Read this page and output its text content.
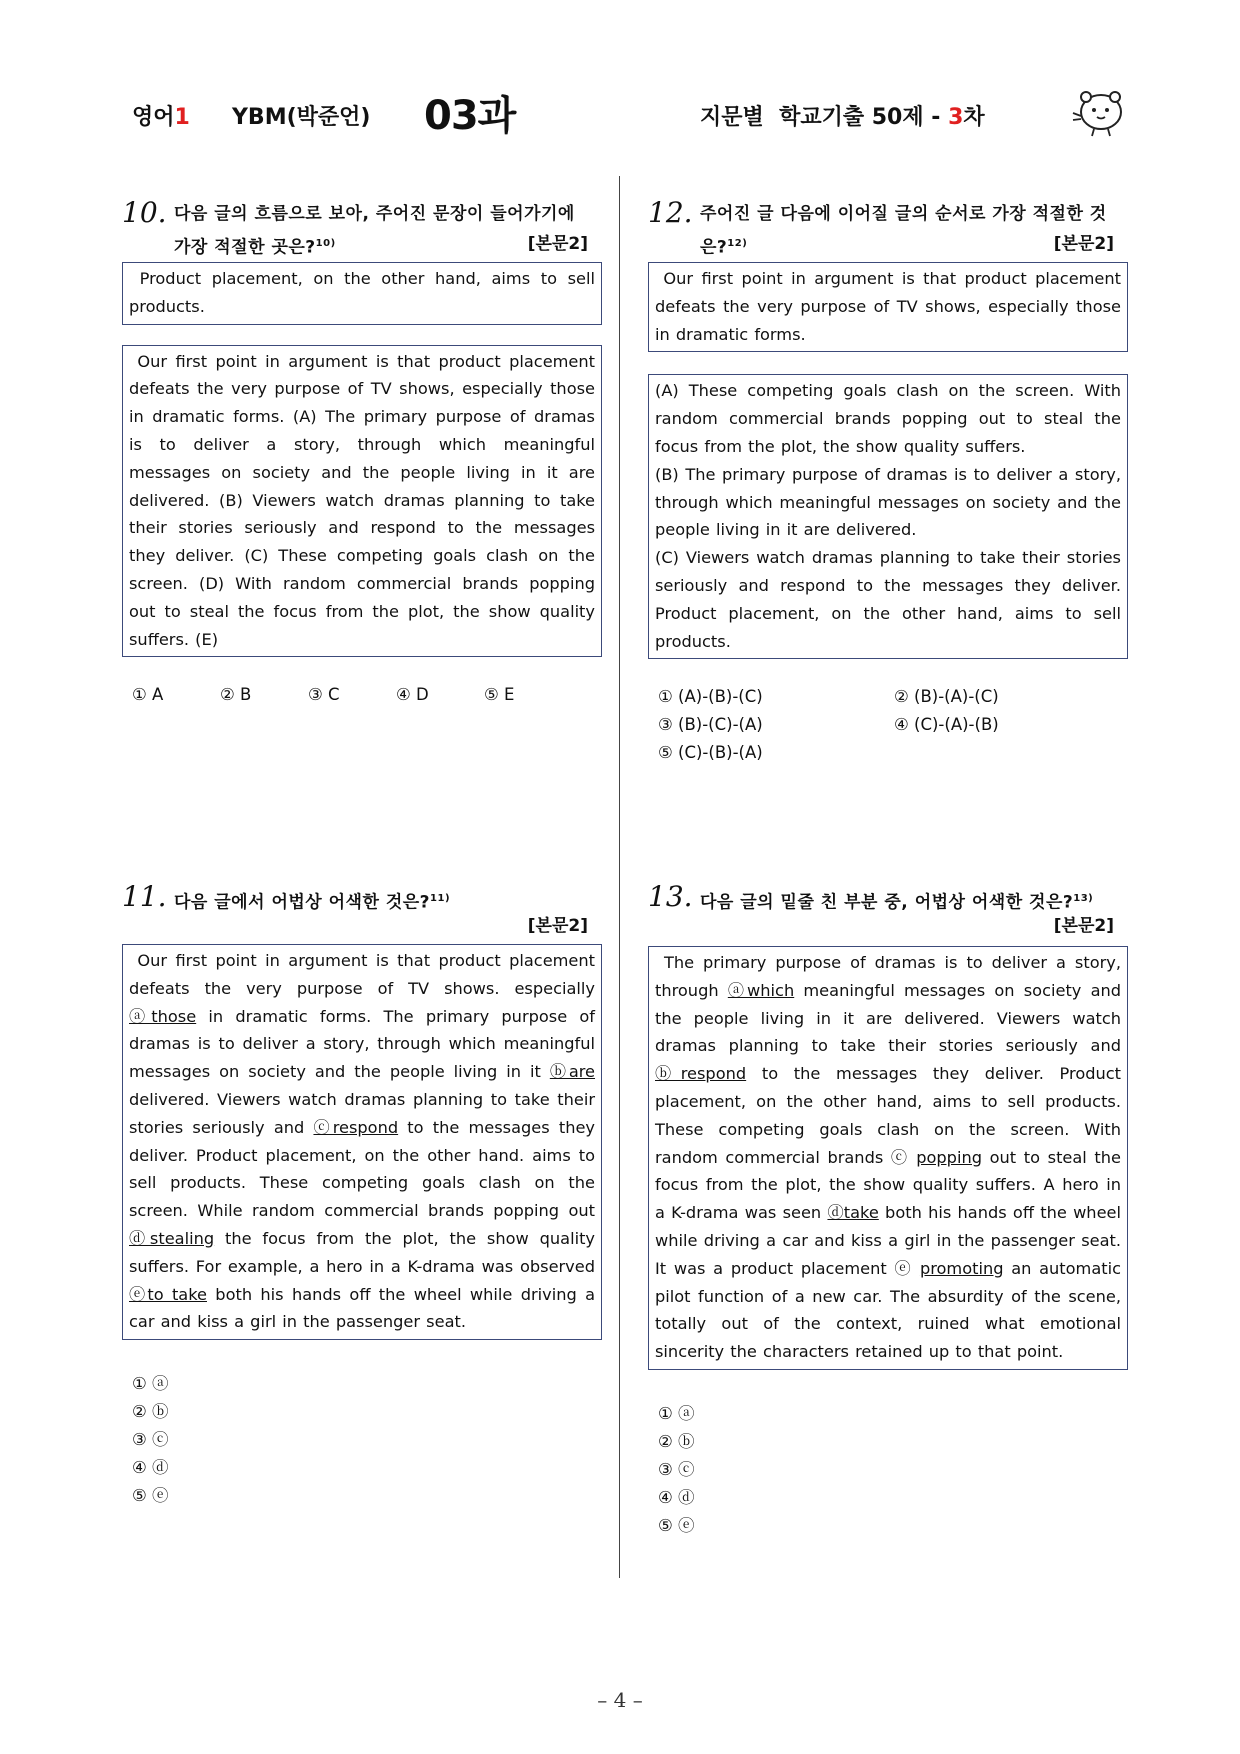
영어1 YBM(박준언) 03과	지문별  학교기출 50제 - 3차
10. 다음 글의 흐름으로 보아, 주어진 문장이 들어가기에
가장 적절한 곳은?$^{10)}$	[본문2]
Product placement, on the other hand, aims to sell products.
Our first point in argument is that product placement defeats the very purpose of TV shows, especially those in dramatic forms. (A) The primary purpose of dramas is to deliver a story, through which meaningful messages on society and the people living in it are delivered. (B) Viewers watch dramas planning to take their stories seriously and respond to the messages they deliver. (C) These competing goals clash on the screen. (D) With random commercial brands popping out to steal the focus from the plot, the show quality suffers. (E)
① A	② B	③ C	④ D	⑤ E
11. 다음 글에서 어법상 어색한 것은?$^{11)}$
[본문2]
Our first point in argument is that product placement defeats the very purpose of TV shows. especially ⓐthose in dramatic forms. The primary purpose of dramas is to deliver a story, through which meaningful messages on society and the people living in it ⓑare delivered. Viewers watch dramas planning to take their stories seriously and ⓒrespond to the messages they deliver. Product placement, on the other hand. aims to sell products. These competing goals clash on the screen. While random commercial brands popping out ⓓstealing the focus from the plot, the show quality suffers. For example, a hero in a K-drama was observed ⓔto take both his hands off the wheel while driving a car and kiss a girl in the passenger seat.
① ⓐ
② ⓑ
③ ⓒ
④ ⓓ
⑤ ⓔ
12. 주어진 글 다음에 이어질 글의 순서로 가장 적절한 것
은?$^{12)}$	[본문2]
Our first point in argument is that product placement defeats the very purpose of TV shows, especially those in dramatic forms.
(A) These competing goals clash on the screen. With random commercial brands popping out to steal the focus from the plot, the show quality suffers.
(B) The primary purpose of dramas is to deliver a story, through which meaningful messages on society and the people living in it are delivered.
(C) Viewers watch dramas planning to take their stories seriously and respond to the messages they deliver. Product placement, on the other hand, aims to sell products.
① (A)-(B)-(C)	② (B)-(A)-(C)
③ (B)-(C)-(A)	④ (C)-(A)-(B)
⑤ (C)-(B)-(A)
13. 다음 글의 밑줄 친 부분 중, 어법상 어색한 것은?$^{13)}$
[본문2]
The primary purpose of dramas is to deliver a story, through ⓐwhich meaningful messages on society and the people living in it are delivered. Viewers watch dramas planning to take their stories seriously and ⓑrespond to the messages they deliver. Product placement, on the other hand, aims to sell products. These competing goals clash on the screen. With random commercial brands ⓒ popping out to steal the focus from the plot, the show quality suffers. A hero in a K-drama was seen ⓓtake both his hands off the wheel while driving a car and kiss a girl in the passenger seat. It was a product placement ⓔ promoting an automatic pilot function of a new car. The absurdity of the scene, totally out of the context, ruined what emotional sincerity the characters retained up to that point.
① ⓐ
② ⓑ
③ ⓒ
④ ⓓ
⑤ ⓔ
– 4 –
